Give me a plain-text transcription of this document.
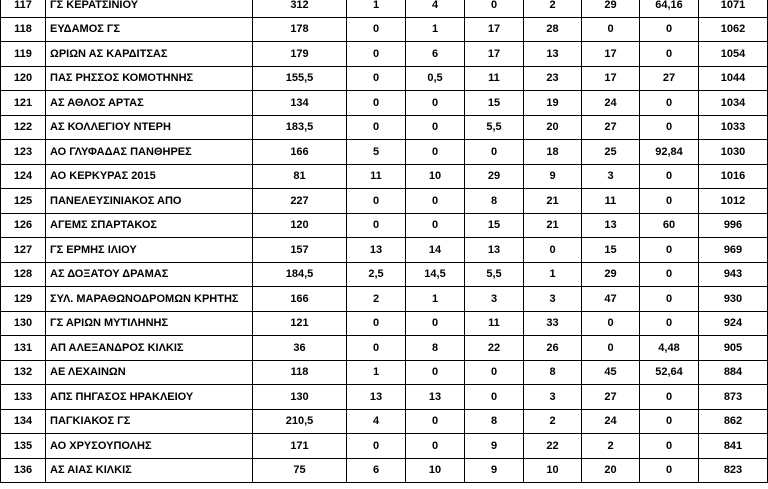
117	ΓΣ ΚΕΡΑΤΣΙΝΙΟΥ	312	1	4	0	2	29	64,16	1071
118	ΕΥΔΑΜΟΣ ΓΣ	178	0	1	17	28	0	0	1062
119	ΩΡΙΩΝ ΑΣ ΚΑΡΔΙΤΣΑΣ	179	0	6	17	13	17	0	1054
120	ΠΑΣ ΡΗΣΣΟΣ ΚΟΜΟΤΗΝΗΣ	155,5	0	0,5	11	23	17	27	1044
121	ΑΣ ΑΘΛΟΣ ΑΡΤΑΣ	134	0	0	15	19	24	0	1034
122	ΑΣ ΚΟΛΛΕΓΙΟΥ ΝΤΕΡΗ	183,5	0	0	5,5	20	27	0	1033
123	ΑΟ ΓΛΥΦΑΔΑΣ ΠΑΝΘΗΡΕΣ	166	5	0	0	18	25	92,84	1030
124	ΑΟ ΚΕΡΚΥΡΑΣ 2015	81	11	10	29	9	3	0	1016
125	ΠΑΝΕΛΕΥΣΙΝΙΑΚΟΣ ΑΠΟ	227	0	0	8	21	11	0	1012
126	ΑΓΕΜΣ ΣΠΑΡΤΑΚΟΣ	120	0	0	15	21	13	60	996
127	ΓΣ ΕΡΜΗΣ ΙΛΙΟΥ	157	13	14	13	0	15	0	969
128	ΑΣ ΔΟΞΑΤΟΥ ΔΡΑΜΑΣ	184,5	2,5	14,5	5,5	1	29	0	943
129	ΣΥΛ. ΜΑΡΑΘΩΝΟΔΡΟΜΩΝ ΚΡΗΤΗΣ	166	2	1	3	3	47	0	930
130	ΓΣ ΑΡΙΩΝ ΜΥΤΙΛΗΝΗΣ	121	0	0	11	33	0	0	924
131	ΑΠ ΑΛΕΞΑΝΔΡΟΣ ΚΙΛΚΙΣ	36	0	8	22	26	0	4,48	905
132	ΑΕ ΛΕΧΑΙΝΩΝ	118	1	0	0	8	45	52,64	884
133	ΑΠΣ ΠΗΓΑΣΟΣ ΗΡΑΚΛΕΙΟΥ	130	13	13	0	3	27	0	873
134	ΠΑΓΚΙΑΚΟΣ ΓΣ	210,5	4	0	8	2	24	0	862
135	ΑΟ ΧΡΥΣΟΥΠΟΛΗΣ	171	0	0	9	22	2	0	841
136	ΑΣ ΑΙΑΣ ΚΙΛΚΙΣ	75	6	10	9	10	20	0	823
